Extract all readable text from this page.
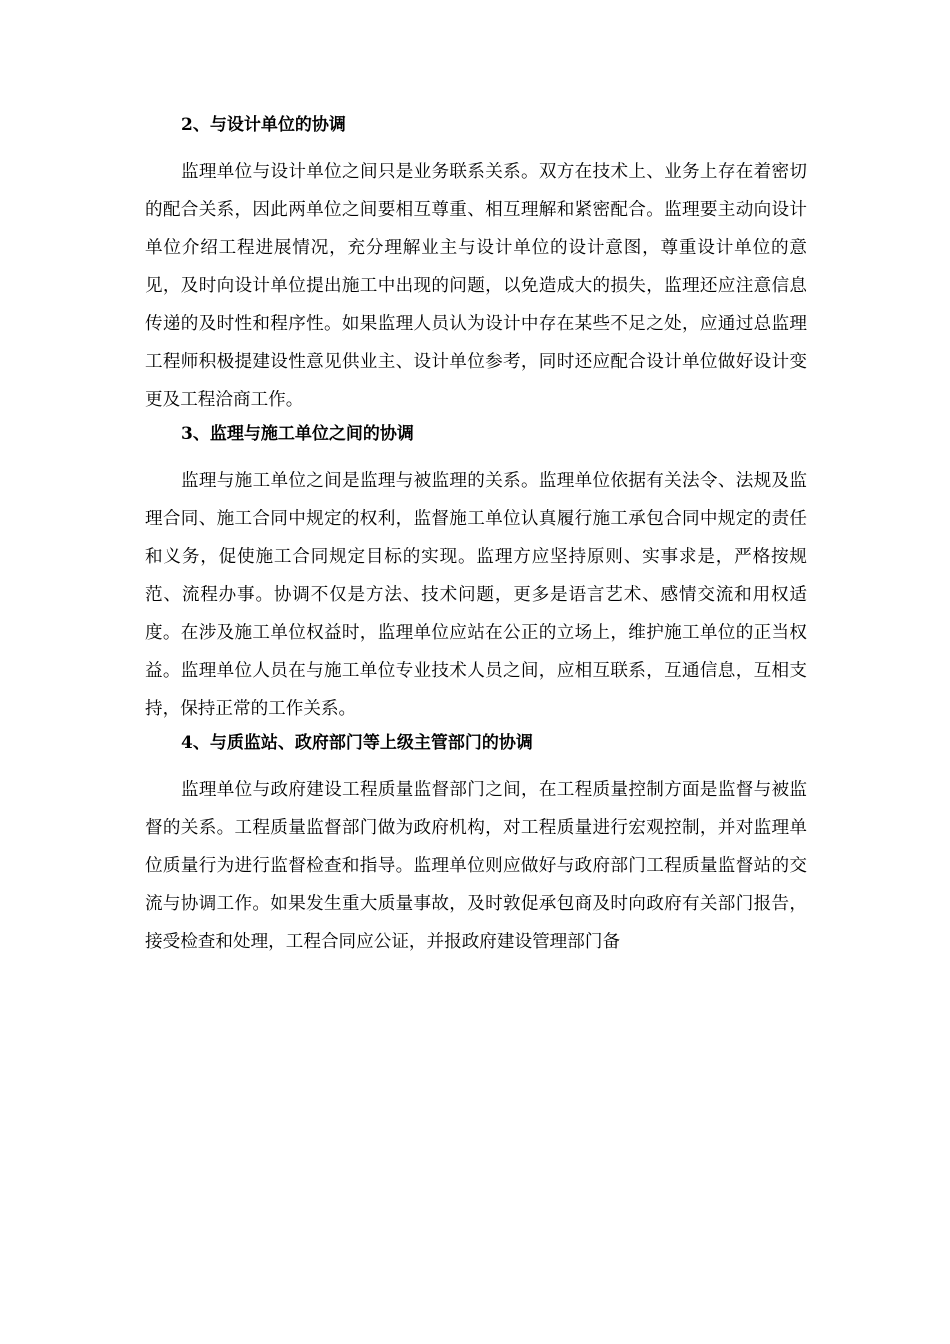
2、与设计单位的协调

监理单位与设计单位之间只是业务联系关系。双方在技术上、业务上存在着密切的配合关系，因此两单位之间要相互尊重、相互理解和紧密配合。监理要主动向设计单位介绍工程进展情况，充分理解业主与设计单位的设计意图，尊重设计单位的意见，及时向设计单位提出施工中出现的问题，以免造成大的损失，监理还应注意信息传递的及时性和程序性。如果监理人员认为设计中存在某些不足之处，应通过总监理工程师积极提建设性意见供业主、设计单位参考，同时还应配合设计单位做好设计变更及工程洽商工作。

3、监理与施工单位之间的协调

监理与施工单位之间是监理与被监理的关系。监理单位依据有关法令、法规及监理合同、施工合同中规定的权利，监督施工单位认真履行施工承包合同中规定的责任和义务，促使施工合同规定目标的实现。监理方应坚持原则、实事求是，严格按规范、流程办事。协调不仅是方法、技术问题，更多是语言艺术、感情交流和用权适度。在涉及施工单位权益时，监理单位应站在公正的立场上，维护施工单位的正当权益。监理单位人员在与施工单位专业技术人员之间，应相互联系，互通信息，互相支持，保持正常的工作关系。

4、与质监站、政府部门等上级主管部门的协调

监理单位与政府建设工程质量监督部门之间，在工程质量控制方面是监督与被监督的关系。工程质量监督部门做为政府机构，对工程质量进行宏观控制，并对监理单位质量行为进行监督检查和指导。监理单位则应做好与政府部门工程质量监督站的交流与协调工作。如果发生重大质量事故，及时敦促承包商及时向政府有关部门报告，接受检查和处理，工程合同应公证，并报政府建设管理部门备
